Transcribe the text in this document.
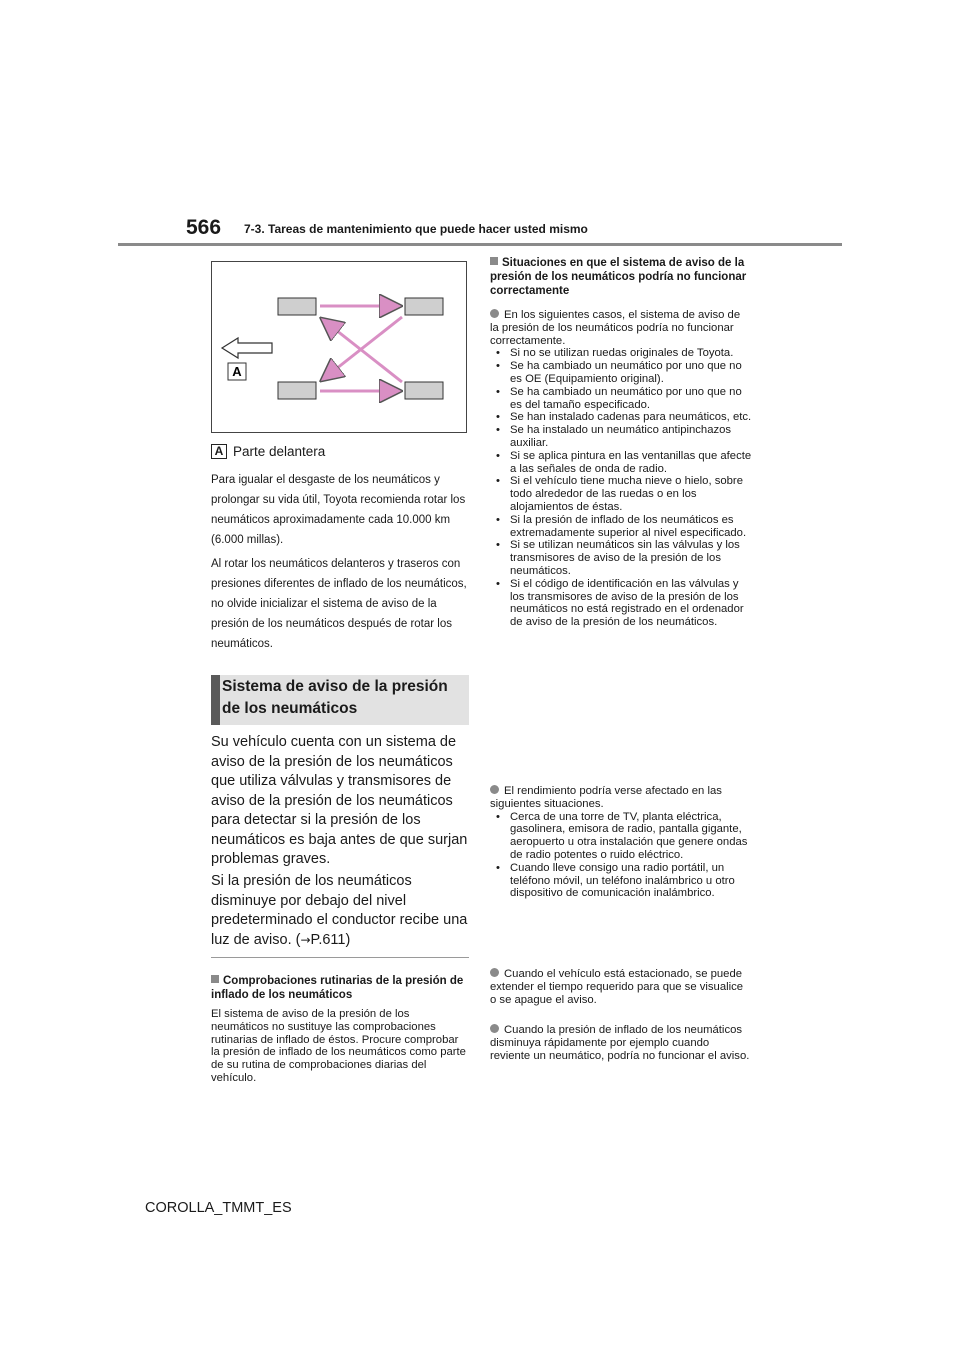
566 7-3. Tareas de mantenimiento que puede hacer usted mismo
A
A Parte delantera
Para igualar el desgaste de los neumáticos y prolongar su vida útil, Toyota recomienda rotar los neumáticos aproximadamente cada 10.000 km (6.000 millas).
Al rotar los neumáticos delanteros y traseros con presiones diferentes de inflado de los neumáticos, no olvide inicializar el sistema de aviso de la presión de los neumáticos después de rotar los neumáticos.
Sistema de aviso de la presión de los neumáticos
Su vehículo cuenta con un sistema de aviso de la presión de los neumáticos que utiliza válvulas y transmisores de aviso de la presión de los neumáticos para detectar si la presión de los neumáticos es baja antes de que surjan problemas graves.
Si la presión de los neumáticos disminuye por debajo del nivel predeterminado el conductor recibe una luz de aviso. (→P.611)
Comprobaciones rutinarias de la presión de inflado de los neumáticos
El sistema de aviso de la presión de los neumáticos no sustituye las comprobaciones rutinarias de inflado de éstos. Procure comprobar la presión de inflado de los neumáticos como parte de su rutina de comprobaciones diarias del vehículo.
Situaciones en que el sistema de aviso de la presión de los neumáticos podría no funcionar correctamente

En los siguientes casos, el sistema de aviso de la presión de los neumáticos podría no funcionar correctamente.

• Si no se utilizan ruedas originales de Toyota.

• Se ha cambiado un neumático por uno que no es OE (Equipamiento original).

• Se ha cambiado un neumático por uno que no es del tamaño especificado.

• Se han instalado cadenas para neumáticos, etc.

• Se ha instalado un neumático antipinchazos auxiliar.

• Si se aplica pintura en las ventanillas que afecte a las señales de onda de radio.

• Si el vehículo tiene mucha nieve o hielo, sobre todo alrededor de las ruedas o en los alojamientos de éstas.

• Si la presión de inflado de los neumáticos es extremadamente superior al nivel especificado.

• Si se utilizan neumáticos sin las válvulas y los transmisores de aviso de la presión de los neumáticos.

• Si el código de identificación en las válvulas y los transmisores de aviso de la presión de los neumáticos no está registrado en el ordenador de aviso de la presión de los neumáticos.

El rendimiento podría verse afectado en las siguientes situaciones.

• Cerca de una torre de TV, planta eléctrica, gasolinera, emisora de radio, pantalla gigante, aeropuerto u otra instalación que genere ondas de radio potentes o ruido eléctrico.

• Cuando lleve consigo una radio portátil, un teléfono móvil, un teléfono inalámbrico u otro dispositivo de comunicación inalámbrico.

Cuando el vehículo está estacionado, se puede extender el tiempo requerido para que se visualice o se apague el aviso.

Cuando la presión de inflado de los neumáticos disminuya rápidamente por ejemplo cuando reviente un neumático, podría no funcionar el aviso.

COROLLA_TMMT_ES
